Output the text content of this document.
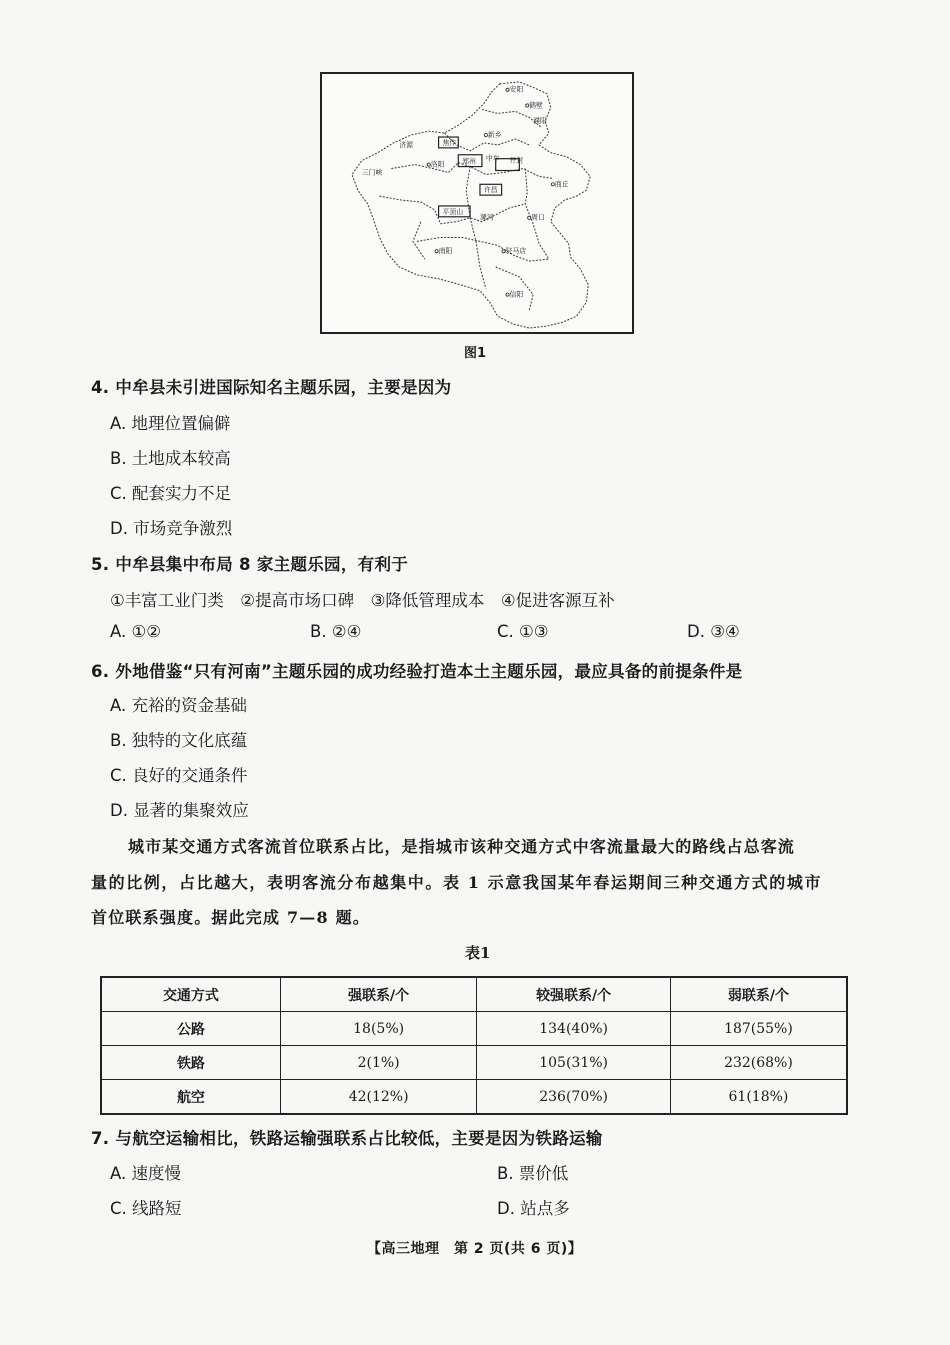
安阳
鹤壁
新乡
濮阳
焦作
济源
洛阳	郑州	开封
中牟
许昌
平顶山
漯河	周口
商丘
三门峡
南阳	驻马店
信阳
图1
4. 中牟县未引进国际知名主题乐园，主要是因为
A. 地理位置偏僻
B. 土地成本较高
C. 配套实力不足
D. 市场竞争激烈
5. 中牟县集中布局 8 家主题乐园，有利于
①丰富工业门类　②提高市场口碑　③降低管理成本　④促进客源互补
A. ①②	B. ②④	C. ①③	D. ③④
6. 外地借鉴“只有河南”主题乐园的成功经验打造本土主题乐园，最应具备的前提条件是
A. 充裕的资金基础
B. 独特的文化底蕴
C. 良好的交通条件
D. 显著的集聚效应
城市某交通方式客流首位联系占比，是指城市该种交通方式中客流量最大的路线占总客流
量的比例，占比越大，表明客流分布越集中。表 1 示意我国某年春运期间三种交通方式的城市
首位联系强度。据此完成 7—8 题。
表1
交通方式	强联系/个	较强联系/个	弱联系/个
公路	18(5%)	134(40%)	187(55%)
铁路	2(1%)	105(31%)	232(68%)
航空	42(12%)	236(70%)	61(18%)
7. 与航空运输相比，铁路运输强联系占比较低，主要是因为铁路运输
A. 速度慢	B. 票价低
C. 线路短	D. 站点多
【高三地理　第 2 页(共 6 页)】
